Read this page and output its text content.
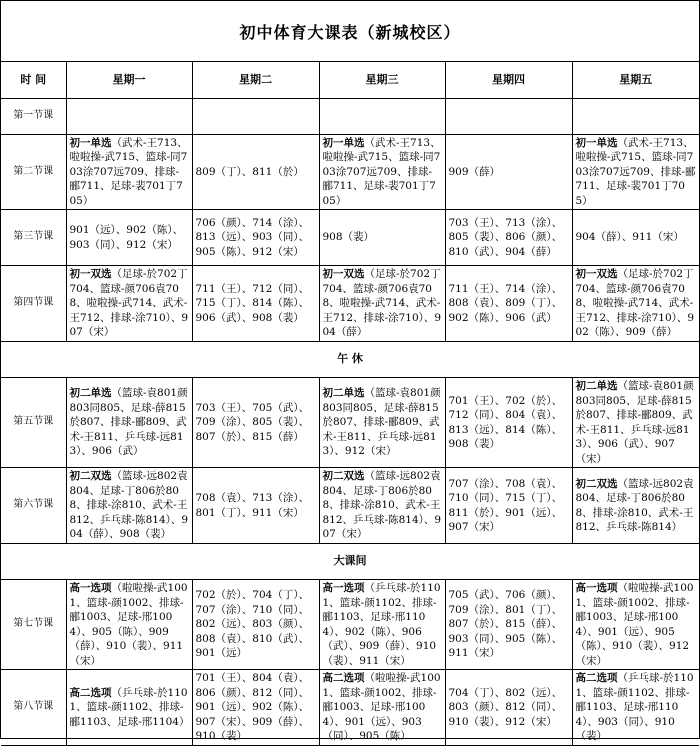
初中体育大课表（新城校区）
时 间	星期一	星期二	星期三	星期四	星期五
第一节课					
第二节课	初一单选（武术-王713、啦啦操-武715、篮球-同703涂707远709、排球-郦711、足球-裴701丁705）	809（丁）、811（於）	初一单选（武术-王713、啦啦操-武715、篮球-同703涂707远709、排球-郦711、足球-裴701丁705）	909（薛）	初一单选（武术-王713、啦啦操-武715、篮球-同703涂707远709、排球-郦711、足球-裴701丁705）
第三节课	901（远）、902（陈）、903（同）、912（宋）	706（颜）、714（涂）、813（远）、903（同）、905（陈）、912（宋）	908（裴）	703（王）、713（涂）、805（裴）、806（颜）、810（武）、904（薛）	904（薛）、911（宋）
第四节课	初一双选（足球-於702丁704、篮球-颜706袁708、啦啦操-武714、武术-王712、排球-涂710）、907（宋）	711（王）、712（同）、715（丁）、814（陈）、906（武）、908（裴）	初一双选（足球-於702丁704、篮球-颜706袁708、啦啦操-武714、武术-王712、排球-涂710）、904（薛）	711（王）、714（涂）、808（袁）、809（丁）、902（陈）、906（武）	初一双选（足球-於702丁704、篮球-颜706袁708、啦啦操-武714、武术-王712、排球-涂710）、902（陈）、909（薛）
午 休					
第五节课	初二单选（篮球-袁801颜803同805、足球-薛815於807、排球-郦809、武术-王811、乒乓球-远813）、906（武）	703（王）、705（武）、709（涂）、805（裴）、807（於）、815（薛）	初二单选（篮球-袁801颜803同805、足球-薛815於807、排球-郦809、武术-王811、乒乓球-远813）、912（宋）	701（王）、702（於）、712（同）、804（袁）、813（远）、814（陈）、908（裴）	初二单选（篮球-袁801颜803同805、足球-薛815於807、排球-郦809、武术-王811、乒乓球-远813）、906（武）、907（宋）
第六节课	初二双选（篮球-远802袁804、足球-丁806於808、排球-涂810、武术-王812、乒乓球-陈814）、904（薛）、908（裴）	708（袁）、713（涂）、801（丁）、911（宋）	初二双选（篮球-远802袁804、足球-丁806於808、排球-涂810、武术-王812、乒乓球-陈814）、907（宋）	707（涂）、708（袁）、710（同）、715（丁）、811（於）、901（远）、907（宋）	初二双选（篮球-远802袁804、足球-丁806於808、排球-涂810、武术-王812、乒乓球-陈814）
大课间					
第七节课	高一选项（啦啦操-武1001、篮球-颜1002、排球-郦1003、足球-邢1004）、905（陈）、909（薛）、910（裴）、911（宋）	702（於）、704（丁）、707（涂）、710（同）、802（远）、803（颜）、808（袁）、810（武）、901（远）	高一选项（乒乓球-於1101、篮球-颜1102、排球-郦1103、足球-邢1104）、902（陈）、906（武）、909（薛）、910（裴）、911（宋）	705（武）、706（颜）、709（涂）、801（丁）、807（於）、815（薛）、903（同）、905（陈）、911（宋）	高一选项（啦啦操-武1001、篮球-颜1002、排球-郦1003、足球-邢1004）、901（远）、905（陈）、910（裴）、912（宋）
第八节课	高二选项（乒乓球-於1101、篮球-颜1102、排球-郦1103、足球-邢1104）	701（王）、804（袁）、806（颜）、812（同）、901（远）、902（陈）、907（宋）、909（薛）、910（裴）	高二选项（啦啦操-武1001、篮球-颜1002、排球-郦1003、足球-邢1004）、901（远）、903（同）、905（陈）	704（丁）、802（远）、803（颜）、812（同）、910（裴）、912（宋）	高二选项（乒乓球-於1101、篮球-颜1102、排球-郦1103、足球-邢1104）、903（同）、910（裴）
